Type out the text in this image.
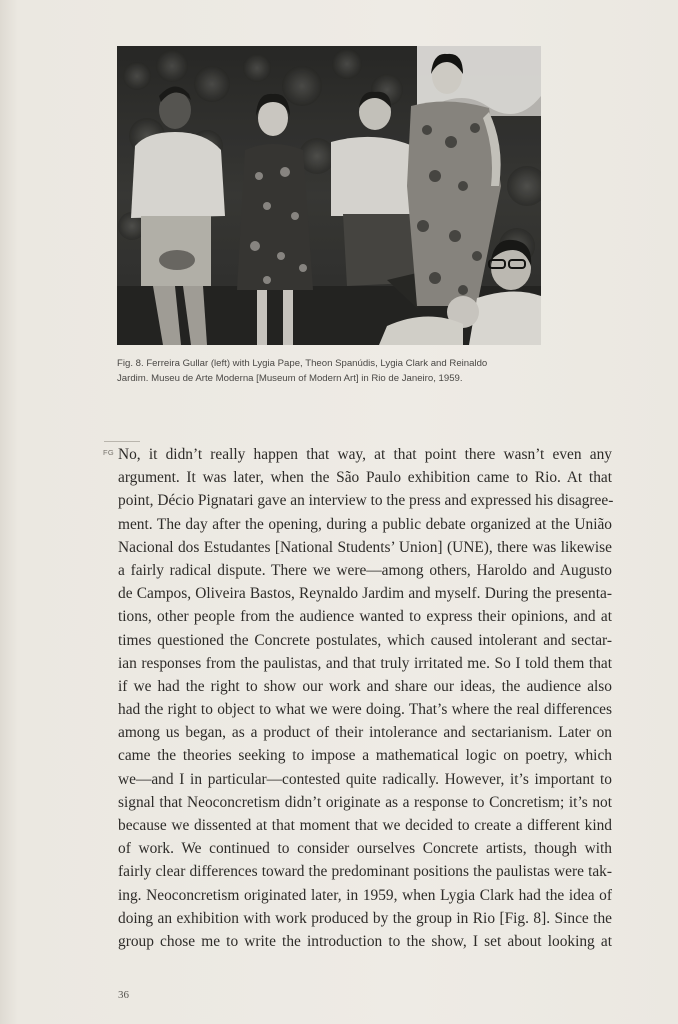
Fig. 8. Ferreira Gullar (left) with Lygia Pape, Theon Spanúdis, Lygia Clark and Reinaldo
Jardim. Museu de Arte Moderna [Museum of Modern Art] in Rio de Janeiro, 1959.
FG No, it didn’t really happen that way, at that point there wasn’t even any
argument. It was later, when the São Paulo exhibition came to Rio. At that
point, Décio Pignatari gave an interview to the press and expressed his disagree-
ment. The day after the opening, during a public debate organized at the União
Nacional dos Estudantes [National Students’ Union] (UNE), there was likewise
a fairly radical dispute. There we were—among others, Haroldo and Augusto
de Campos, Oliveira Bastos, Reynaldo Jardim and myself. During the presenta-
tions, other people from the audience wanted to express their opinions, and at
times questioned the Concrete postulates, which caused intolerant and sectar-
ian responses from the paulistas, and that truly irritated me. So I told them that
if we had the right to show our work and share our ideas, the audience also
had the right to object to what we were doing. That’s where the real differences
among us began, as a product of their intolerance and sectarianism. Later on
came the theories seeking to impose a mathematical logic on poetry, which
we—and I in particular—contested quite radically. However, it’s important to
signal that Neoconcretism didn’t originate as a response to Concretism; it’s not
because we dissented at that moment that we decided to create a different kind
of work. We continued to consider ourselves Concrete artists, though with
fairly clear differences toward the predominant positions the paulistas were tak-
ing. Neoconcretism originated later, in 1959, when Lygia Clark had the idea of
doing an exhibition with work produced by the group in Rio [Fig. 8]. Since the
group chose me to write the introduction to the show, I set about looking at
36
